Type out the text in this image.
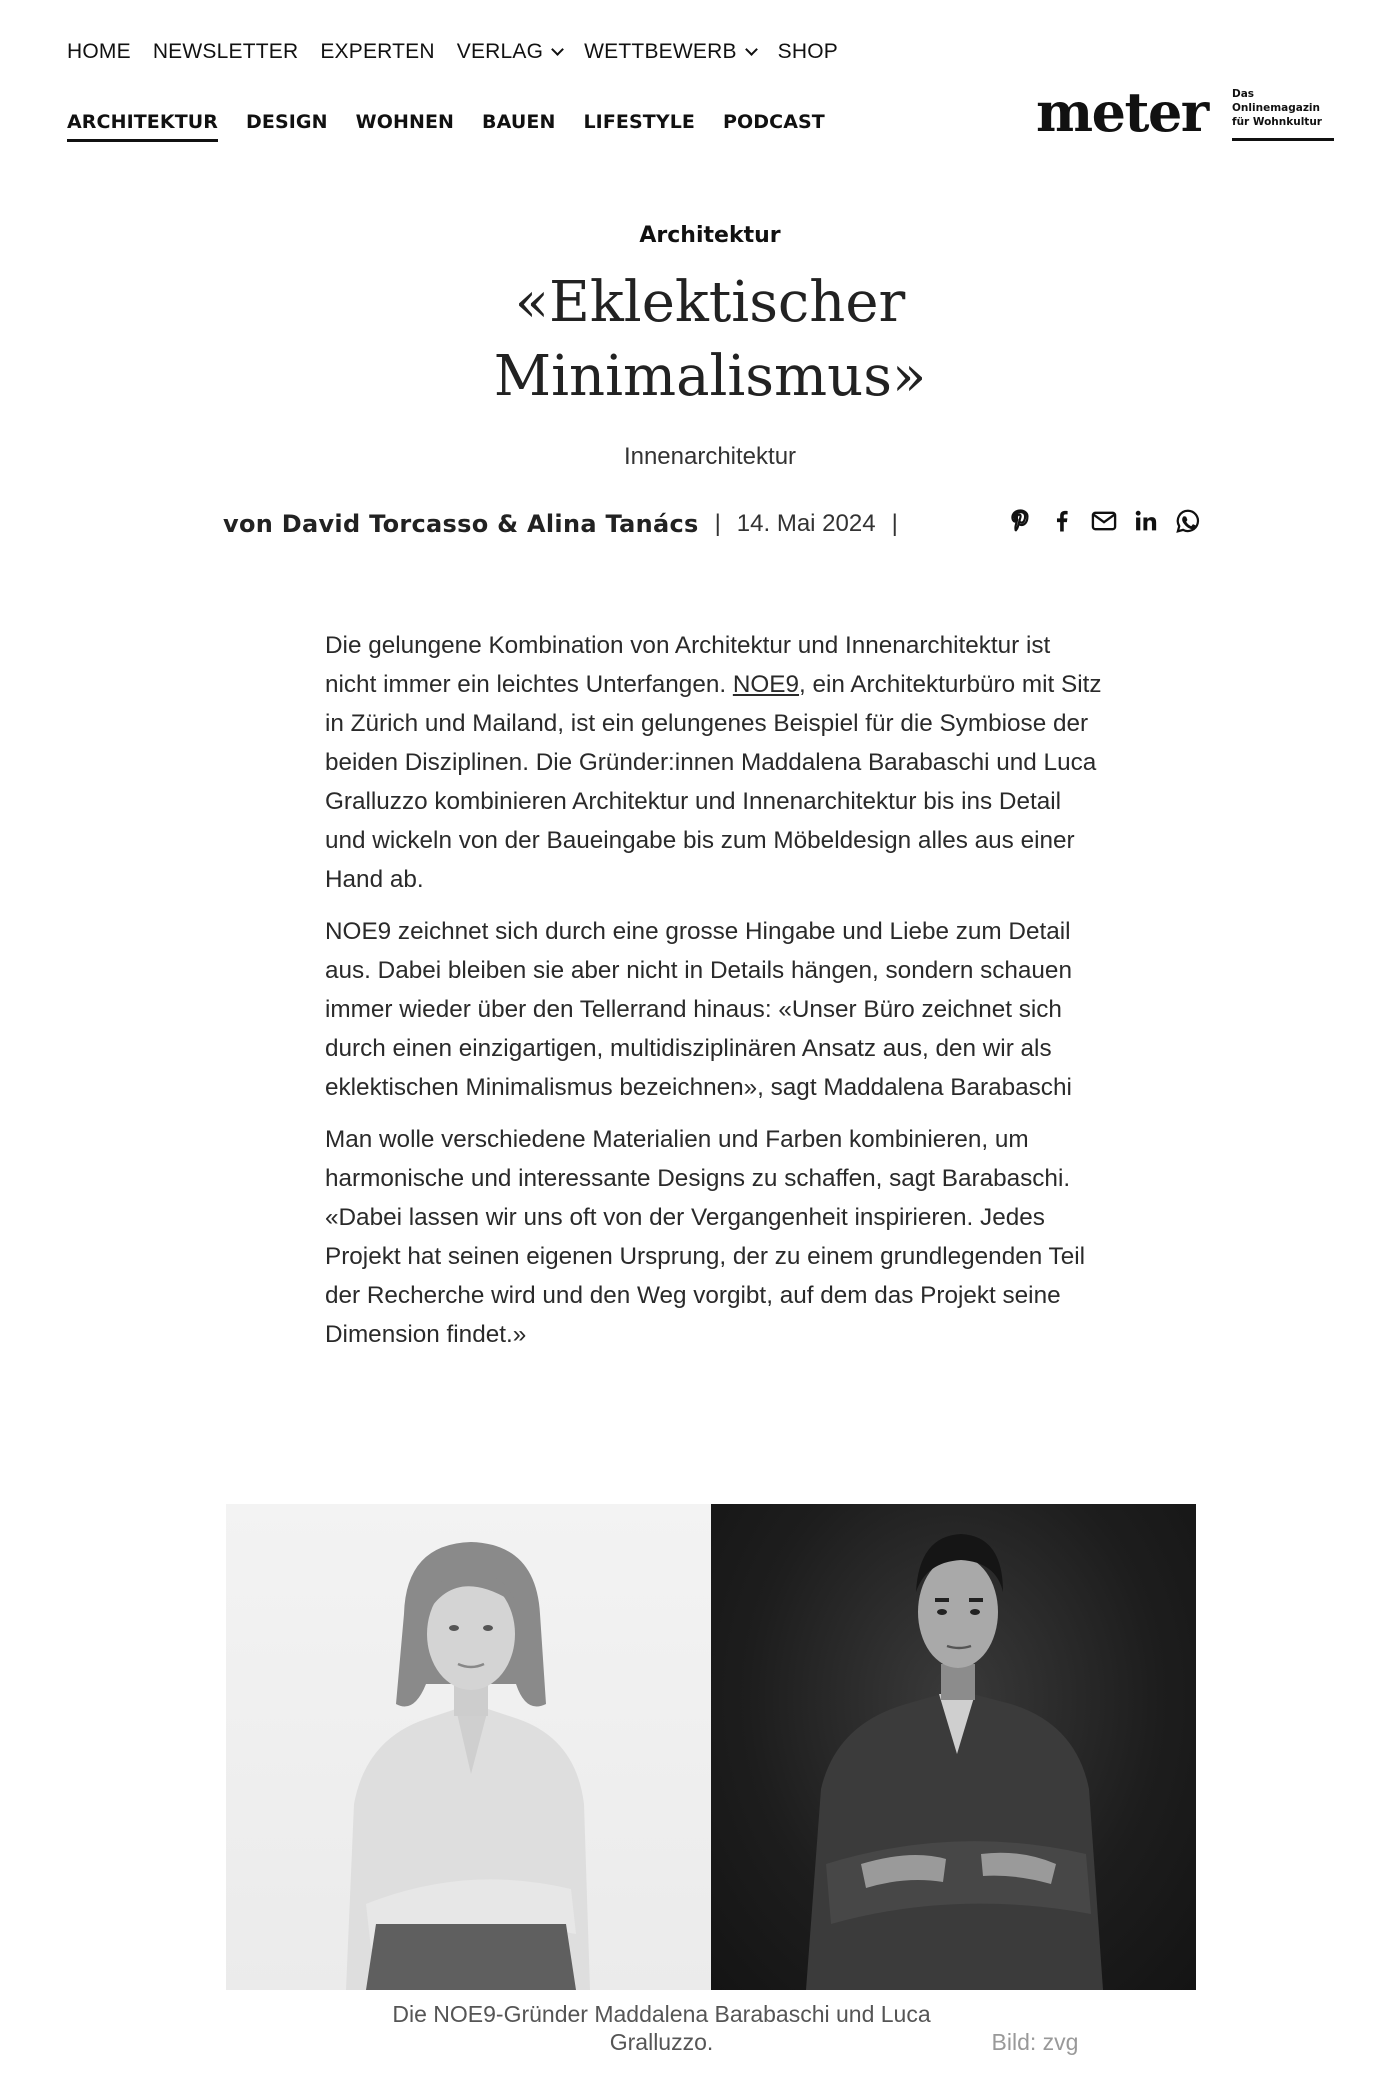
HOME NEWSLETTER EXPERTEN VERLAG WETTBEWERB SHOP
ARCHITEKTUR DESIGN WOHNEN BAUEN LIFESTYLE PODCAST	meter Das
Onlinemagazin
für Wohnkultur
Architektur
«Eklektischer
Minimalismus»
Innenarchitektur
von David Torcasso & Alina Tanács | 14. Mai 2024 |

Die gelungene Kombination von Architektur und Innenarchitektur ist nicht immer ein leichtes Unterfangen. NOE9, ein Architekturbüro mit Sitz in Zürich und Mailand, ist ein gelungenes Beispiel für die Symbiose der beiden Disziplinen. Die Gründer:innen Maddalena Barabaschi und Luca Gralluzzo kombinieren Architektur und Innenarchitektur bis ins Detail und wickeln von der Baueingabe bis zum Möbeldesign alles aus einer Hand ab.

NOE9 zeichnet sich durch eine grosse Hingabe und Liebe zum Detail aus. Dabei bleiben sie aber nicht in Details hängen, sondern schauen immer wieder über den Tellerrand hinaus: «Unser Büro zeichnet sich durch einen einzigartigen, multidisziplinären Ansatz aus, den wir als eklektischen Minimalismus bezeichnen», sagt Maddalena Barabaschi

Man wolle verschiedene Materialien und Farben kombinieren, um harmonische und interessante Designs zu schaffen, sagt Barabaschi. «Dabei lassen wir uns oft von der Vergangenheit inspirieren. Jedes Projekt hat seinen eigenen Ursprung, der zu einem grundlegenden Teil der Recherche wird und den Weg vorgibt, auf dem das Projekt seine Dimension findet.»

Die NOE9-Gründer Maddalena Barabaschi und Luca Gralluzzo.	Bild: zvg
